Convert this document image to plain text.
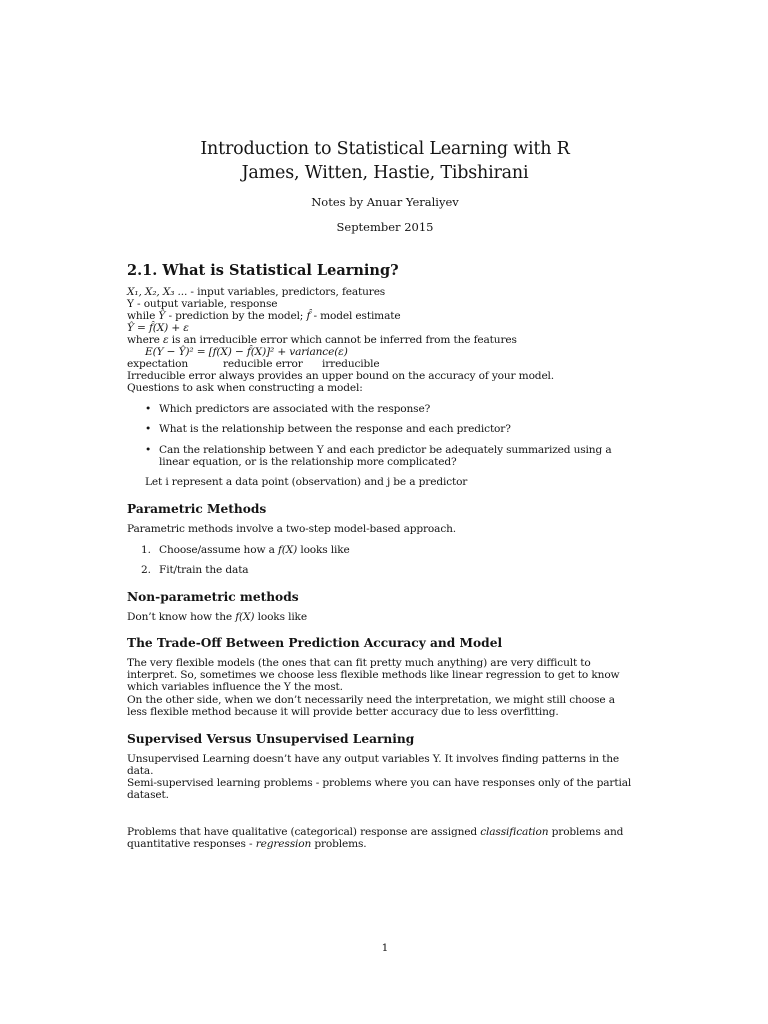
Introduction to Statistical Learning with R
James, Witten, Hastie, Tibshirani
Notes by Anuar Yeraliyev
September 2015
2.1. What is Statistical Learning?
X₁, X₂, X₃ ... - input variables, predictors, features
Y - output variable, response
while Ŷ - prediction by the model; f̂ - model estimate
Ŷ = f̂(X) + ε
where ε is an irreducible error which cannot be inferred from the features
E(Y − Ŷ)² = [f(X) − f̂(X)]² + variance(ε)
expectation	reducible error irreducible
Irreducible error always provides an upper bound on the accuracy of your model.
Questions to ask when constructing a model:
• Which predictors are associated with the response?
• What is the relationship between the response and each predictor?
• Can the relationship between Y and each predictor be adequately summarized using a
linear equation, or is the relationship more complicated?
Let i represent a data point (observation) and j be a predictor
Parametric Methods
Parametric methods involve a two-step model-based approach.
1. Choose/assume how a f(X) looks like
2. Fit/train the data
Non-parametric methods
Don’t know how the f(X) looks like
The Trade-Off Between Prediction Accuracy and Model
The very flexible models (the ones that can fit pretty much anything) are very difficult to
interpret. So, sometimes we choose less flexible methods like linear regression to get to know
which variables influence the Y the most.
On the other side, when we don’t necessarily need the interpretation, we might still choose a
less flexible method because it will provide better accuracy due to less overfitting.
Supervised Versus Unsupervised Learning
Unsupervised Learning doesn’t have any output variables Y. It involves finding patterns in the
data.
Semi-supervised learning problems - problems where you can have responses only of the partial
dataset.
Problems that have qualitative (categorical) response are assigned classification problems and
quantitative responses - regression problems.
1
